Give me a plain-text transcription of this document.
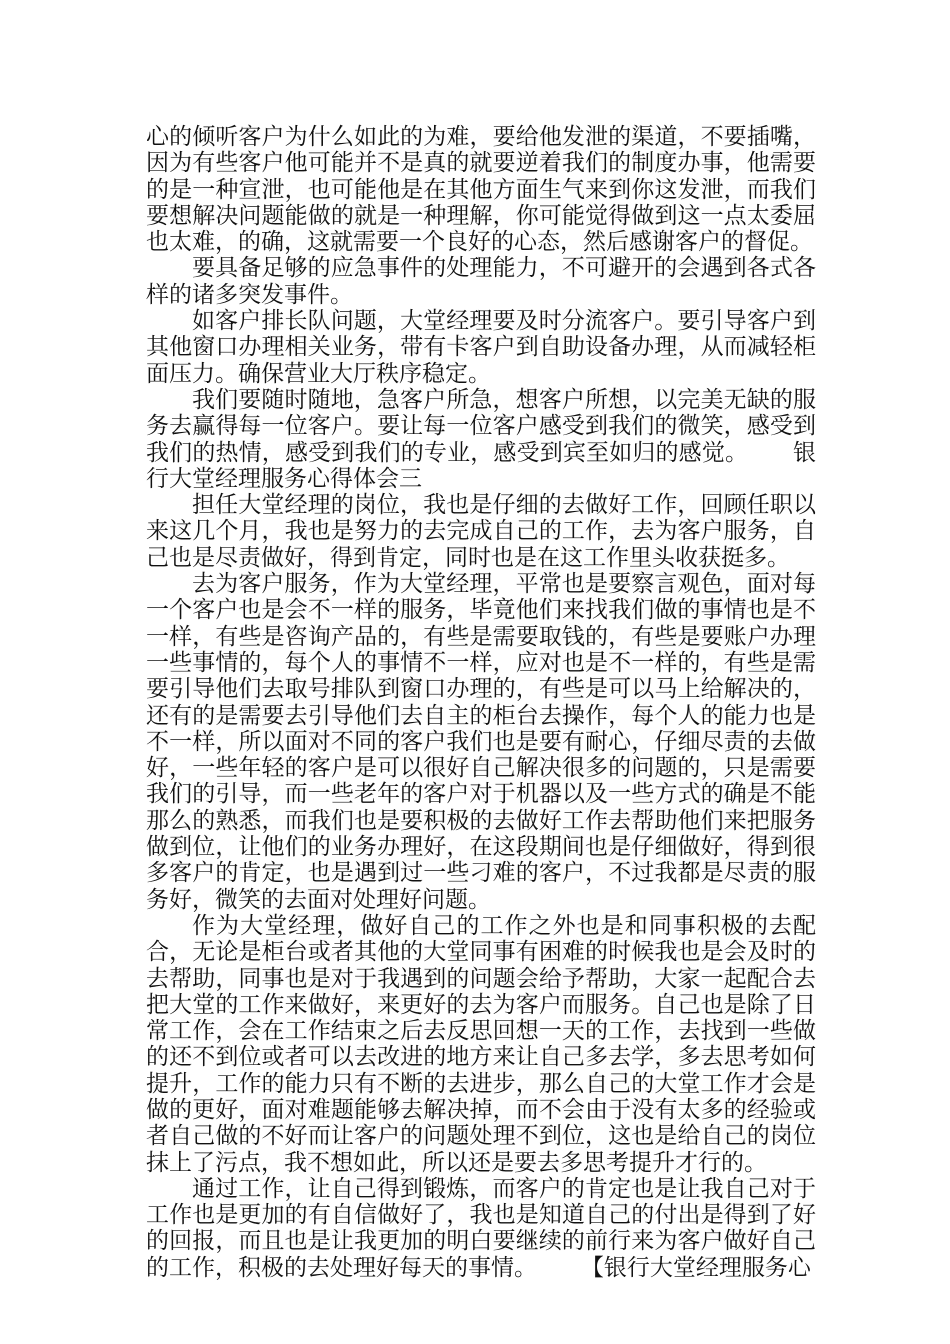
心的倾听客户为什么如此的为难，要给他发泄的渠道，不要插嘴，因为有些客户他可能并不是真的就要逆着我们的制度办事，他需要的是一种宣泄，也可能他是在其他方面生气来到你这发泄，而我们要想解决问题能做的就是一种理解，你可能觉得做到这一点太委屈也太难，的确，这就需要一个良好的心态，然后感谢客户的督促。

要具备足够的应急事件的处理能力，不可避开的会遇到各式各样的诸多突发事件。

如客户排长队问题，大堂经理要及时分流客户。要引导客户到其他窗口办理相关业务，带有卡客户到自助设备办理，从而减轻柜面压力。确保营业大厅秩序稳定。

我们要随时随地，急客户所急，想客户所想，以完美无缺的服务去赢得每一位客户。要让每一位客户感受到我们的微笑，感受到我们的热情，感受到我们的专业，感受到宾至如归的感觉。      银行大堂经理服务心得体会三

担任大堂经理的岗位，我也是仔细的去做好工作，回顾任职以来这几个月，我也是努力的去完成自己的工作，去为客户服务，自己也是尽责做好，得到肯定，同时也是在这工作里头收获挺多。

去为客户服务，作为大堂经理，平常也是要察言观色，面对每一个客户也是会不一样的服务，毕竟他们来找我们做的事情也是不一样，有些是咨询产品的，有些是需要取钱的，有些是要账户办理一些事情的，每个人的事情不一样，应对也是不一样的，有些是需要引导他们去取号排队到窗口办理的，有些是可以马上给解决的，还有的是需要去引导他们去自主的柜台去操作，每个人的能力也是不一样，所以面对不同的客户我们也是要有耐心，仔细尽责的去做好，一些年轻的客户是可以很好自己解决很多的问题的，只是需要我们的引导，而一些老年的客户对于机器以及一些方式的确是不能那么的熟悉，而我们也是要积极的去做好工作去帮助他们来把服务做到位，让他们的业务办理好，在这段期间也是仔细做好，得到很多客户的肯定，也是遇到过一些刁难的客户，不过我都是尽责的服务好，微笑的去面对处理好问题。

作为大堂经理，做好自己的工作之外也是和同事积极的去配合，无论是柜台或者其他的大堂同事有困难的时候我也是会及时的去帮助，同事也是对于我遇到的问题会给予帮助，大家一起配合去把大堂的工作来做好，来更好的去为客户而服务。自己也是除了日常工作，会在工作结束之后去反思回想一天的工作，去找到一些做的还不到位或者可以去改进的地方来让自己多去学，多去思考如何提升，工作的能力只有不断的去进步，那么自己的大堂工作才会是做的更好，面对难题能够去解决掉，而不会由于没有太多的经验或者自己做的不好而让客户的问题处理不到位，这也是给自己的岗位抹上了污点，我不想如此，所以还是要去多思考提升才行的。

通过工作，让自己得到锻炼，而客户的肯定也是让我自己对于工作也是更加的有自信做好了，我也是知道自己的付出是得到了好的回报，而且也是让我更加的明白要继续的前行来为客户做好自己的工作，积极的去处理好每天的事情。      【银行大堂经理服务心
